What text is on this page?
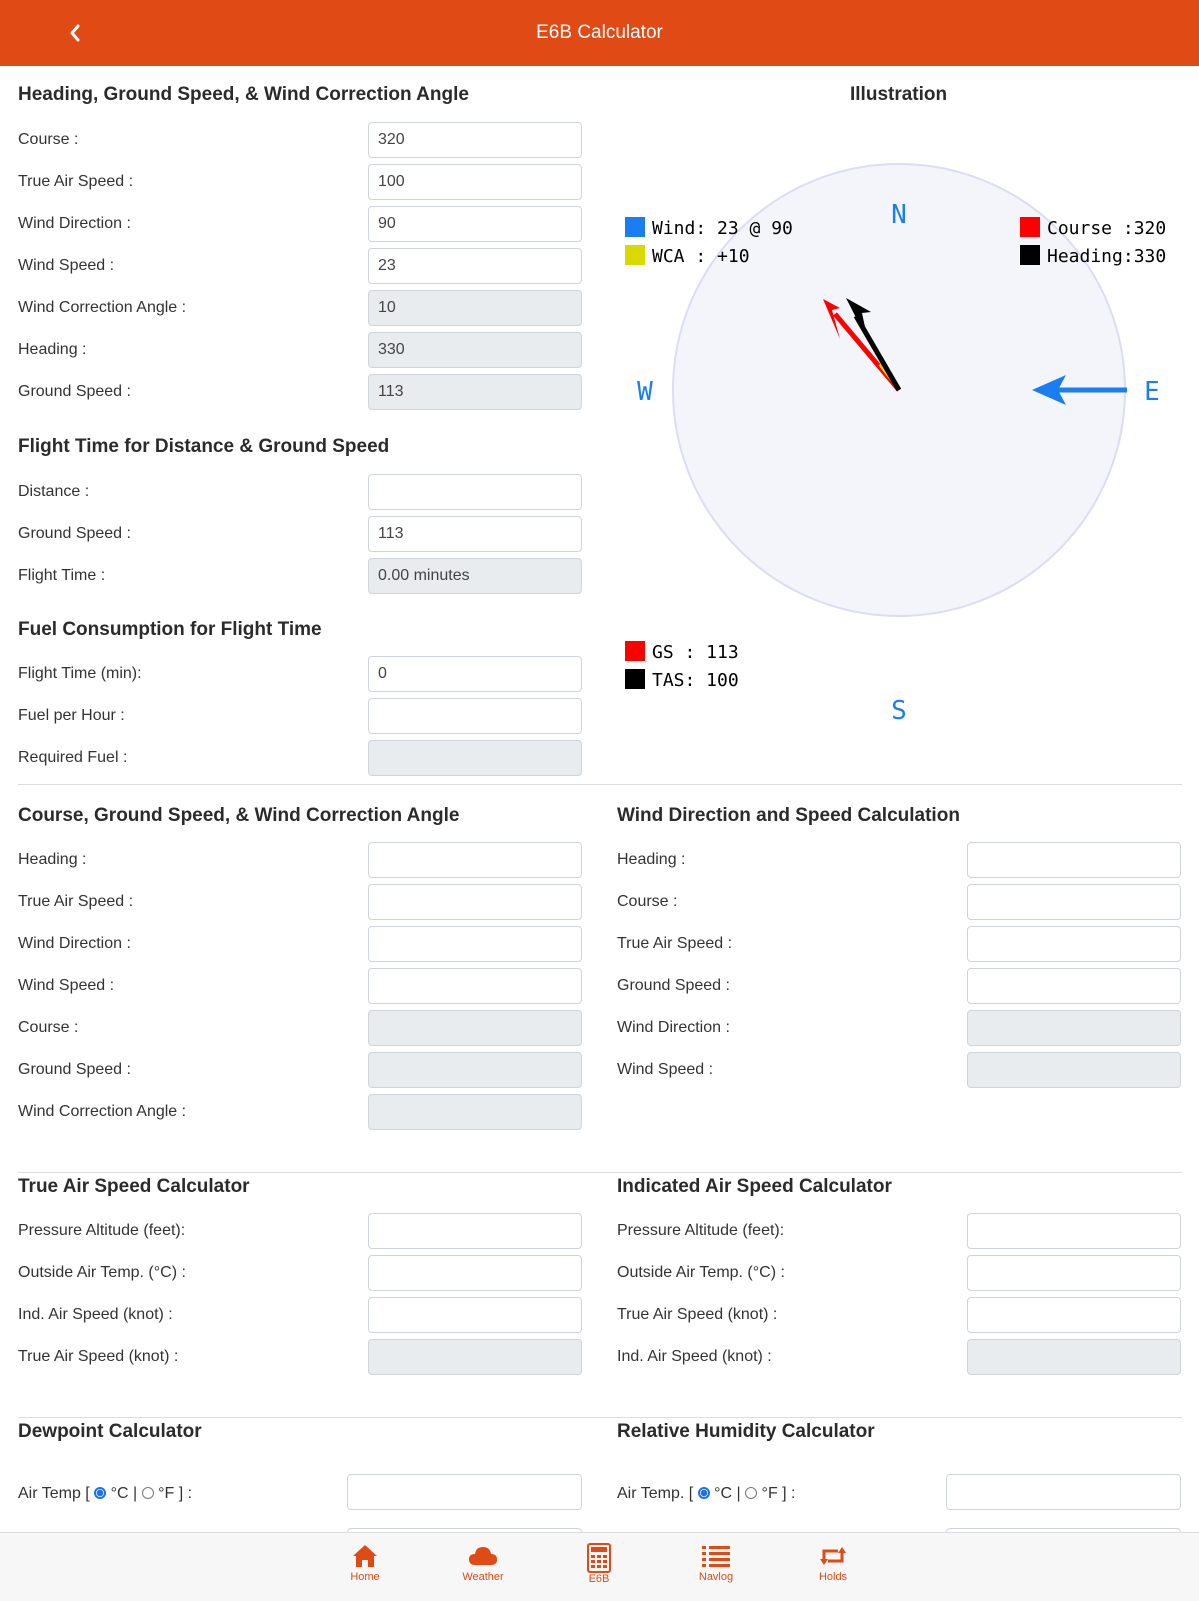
E6B Calculator
Heading, Ground Speed, & Wind Correction Angle
Course :
320
True Air Speed :
100
Wind Direction :
90
Wind Speed :
23
Wind Correction Angle :
10
Heading :
330
Ground Speed :
113
Flight Time for Distance & Ground Speed
Distance :
Ground Speed :
113
Flight Time :
0.00 minutes
Fuel Consumption for Flight Time
Flight Time (min):
0
Fuel per Hour :
Required Fuel :
Illustration
N
S
E
W
Wind: 23 @ 90
WCA : +10
Course :320
Heading:330
GS : 113
TAS: 100
Course, Ground Speed, & Wind Correction Angle
Heading :
True Air Speed :
Wind Direction :
Wind Speed :
Course :
Ground Speed :
Wind Correction Angle :
Wind Direction and Speed Calculation
Heading :
Course :
True Air Speed :
Ground Speed :
Wind Direction :
Wind Speed :
True Air Speed Calculator
Pressure Altitude (feet):
Outside Air Temp. (°C) :
Ind. Air Speed (knot) :
True Air Speed (knot) :
Indicated Air Speed Calculator
Pressure Altitude (feet):
Outside Air Temp. (°C) :
True Air Speed (knot) :
Ind. Air Speed (knot) :
Dewpoint Calculator
Air Temp [ °C | °F ] :
Relative Humidity Calculator
Air Temp. [ °C | °F ] :
Home	Weather	E6B	Navlog	Holds
